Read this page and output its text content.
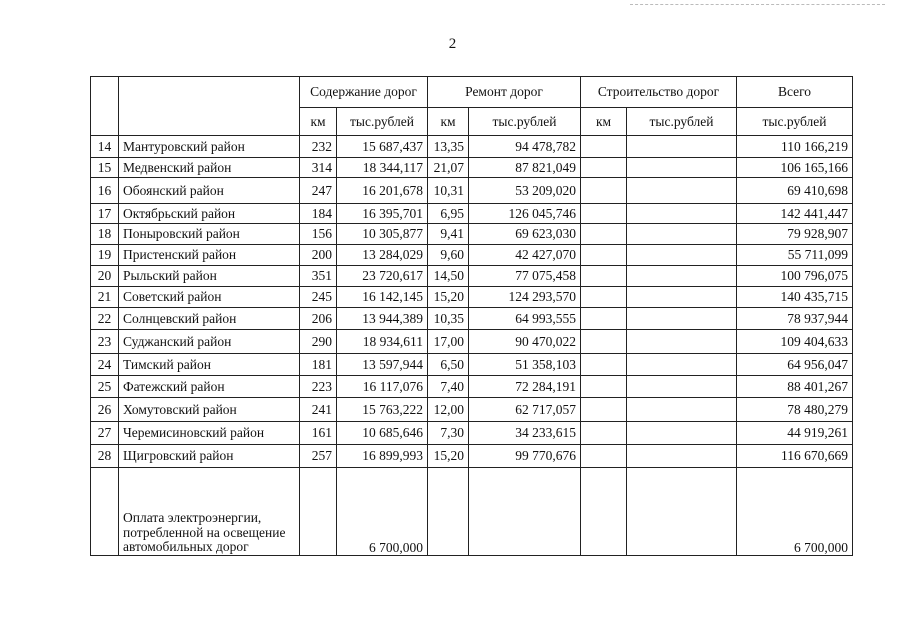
2
		Содержание дорог		Ремонт дорог		Строительство дорог		Всего
		км	тыс.рублей	км	тыс.рублей	км	тыс.рублей	тыс.рублей
14	Мантуровский район	232	15 687,437	13,35	94 478,782			110 166,219
15	Медвенский район	314	18 344,117	21,07	87 821,049			106 165,166
16	Обоянский район	247	16 201,678	10,31	53 209,020			69 410,698
17	Октябрьский район	184	16 395,701	6,95	126 045,746			142 441,447
18	Поныровский район	156	10 305,877	9,41	69 623,030			79 928,907
19	Пристенский район	200	13 284,029	9,60	42 427,070			55 711,099
20	Рыльский район	351	23 720,617	14,50	77 075,458			100 796,075
21	Советский район	245	16 142,145	15,20	124 293,570			140 435,715
22	Солнцевский район	206	13 944,389	10,35	64 993,555			78 937,944
23	Суджанский район	290	18 934,611	17,00	90 470,022			109 404,633
24	Тимский район	181	13 597,944	6,50	51 358,103			64 956,047
25	Фатежский район	223	16 117,076	7,40	72 284,191			88 401,267
26	Хомутовский район	241	15 763,222	12,00	62 717,057			78 480,279
27	Черемисиновский район	161	10 685,646	7,30	34 233,615			44 919,261
28	Щигровский район	257	16 899,993	15,20	99 770,676			116 670,669

	Оплата электроэнергии, потребленной на освещение автомобильных дорог		6 700,000					6 700,000
